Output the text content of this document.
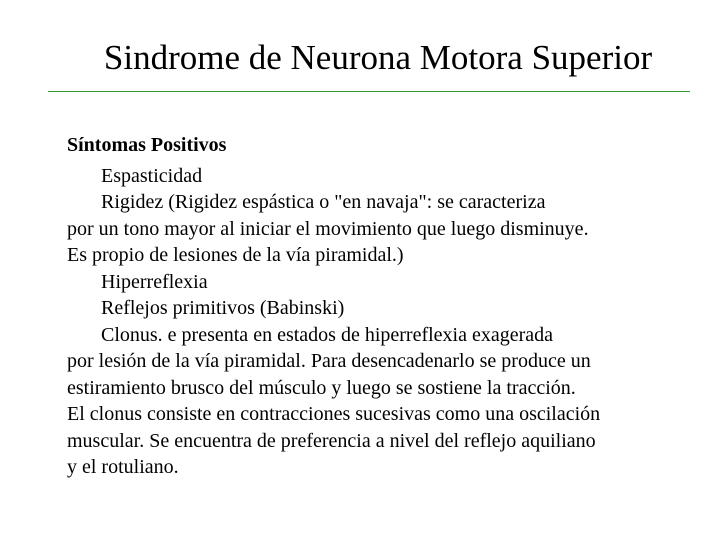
Sindrome de Neurona Motora Superior
Síntomas Positivos
Espasticidad
Rigidez (Rigidez espástica o "en navaja": se caracteriza
por un tono mayor al iniciar el movimiento que luego disminuye.
Es propio de lesiones de la vía piramidal.)
Hiperreflexia
Reflejos primitivos (Babinski)
Clonus. e presenta en estados de hiperreflexia exagerada
por lesión de la vía piramidal. Para desencadenarlo se produce un
estiramiento brusco del músculo y luego se sostiene la tracción.
El clonus consiste en contracciones sucesivas como una oscilación
muscular. Se encuentra de preferencia a nivel del reflejo aquiliano
y el rotuliano.
